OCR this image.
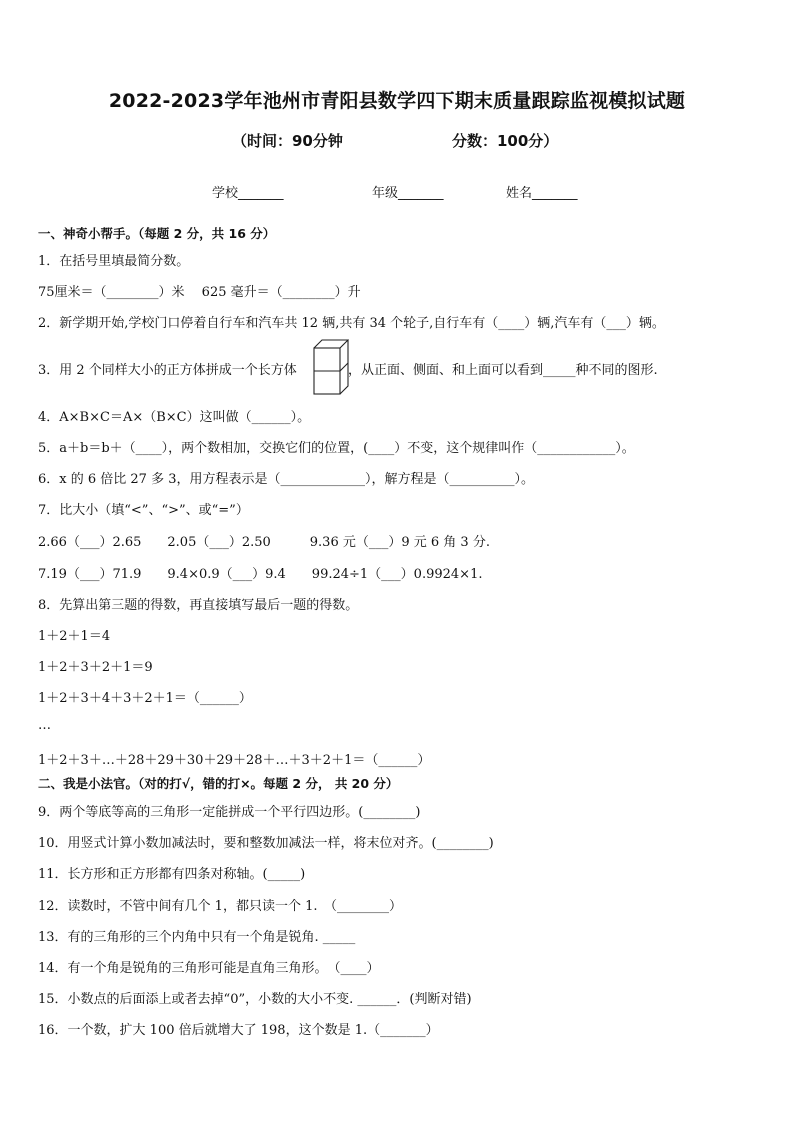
2022-2023学年池州市青阳县数学四下期末质量跟踪监视模拟试题
（时间：90分钟	分数：100分）
学校_______	年级_______	姓名_______
一、神奇小帮手。（每题 2 分，共 16 分）
1．在括号里填最简分数。
75厘米＝（________）米　 625 毫升＝（________）升
2．新学期开始,学校门口停着自行车和汽车共 12 辆,共有 34 个轮子,自行车有（____）辆,汽车有（___）辆。
3．用 2 个同样大小的正方体拼成一个长方体	，从正面、侧面、和上面可以看到_____种不同的图形.
4．A×B×C＝A×（B×C）这叫做（______）。
5．a＋b＝b＋（____），两个数相加，交换它们的位置，(____）不变，这个规律叫作（____________）。
6．x 的 6 倍比 27 多 3，用方程表示是（_____________），解方程是（__________）。
7．比大小（填“<”、“>”、或“=”）
2.66（___）2.65　　2.05（___）2.50　　　9.36 元（___）9 元 6 角 3 分.
7.19（___）71.9　　9.4×0.9（___）9.4　　99.24÷1（___）0.9924×1.
8．先算出第三题的得数，再直接填写最后一题的得数。
1＋2＋1＝4
1＋2＋3＋2＋1＝9
1＋2＋3＋4＋3＋2＋1＝（______）
…
1＋2＋3＋…＋28＋29＋30＋29＋28＋…＋3＋2＋1＝（______）
二、我是小法官。（对的打√，错的打×。每题 2 分， 共 20 分）
9．两个等底等高的三角形一定能拼成一个平行四边形。(________)
10．用竖式计算小数加减法时，要和整数加减法一样，将末位对齐。(________)
11．长方形和正方形都有四条对称轴。(_____)
12．读数时，不管中间有几个 1，都只读一个 1.　（________）
13．有的三角形的三个内角中只有一个角是锐角. _____
14．有一个角是锐角的三角形可能是直角三角形。　（____）
15．小数点的后面添上或者去掉“0”，小数的大小不变. ______．(判断对错)
16．一个数，扩大 100 倍后就增大了 198，这个数是 1.（_______）
